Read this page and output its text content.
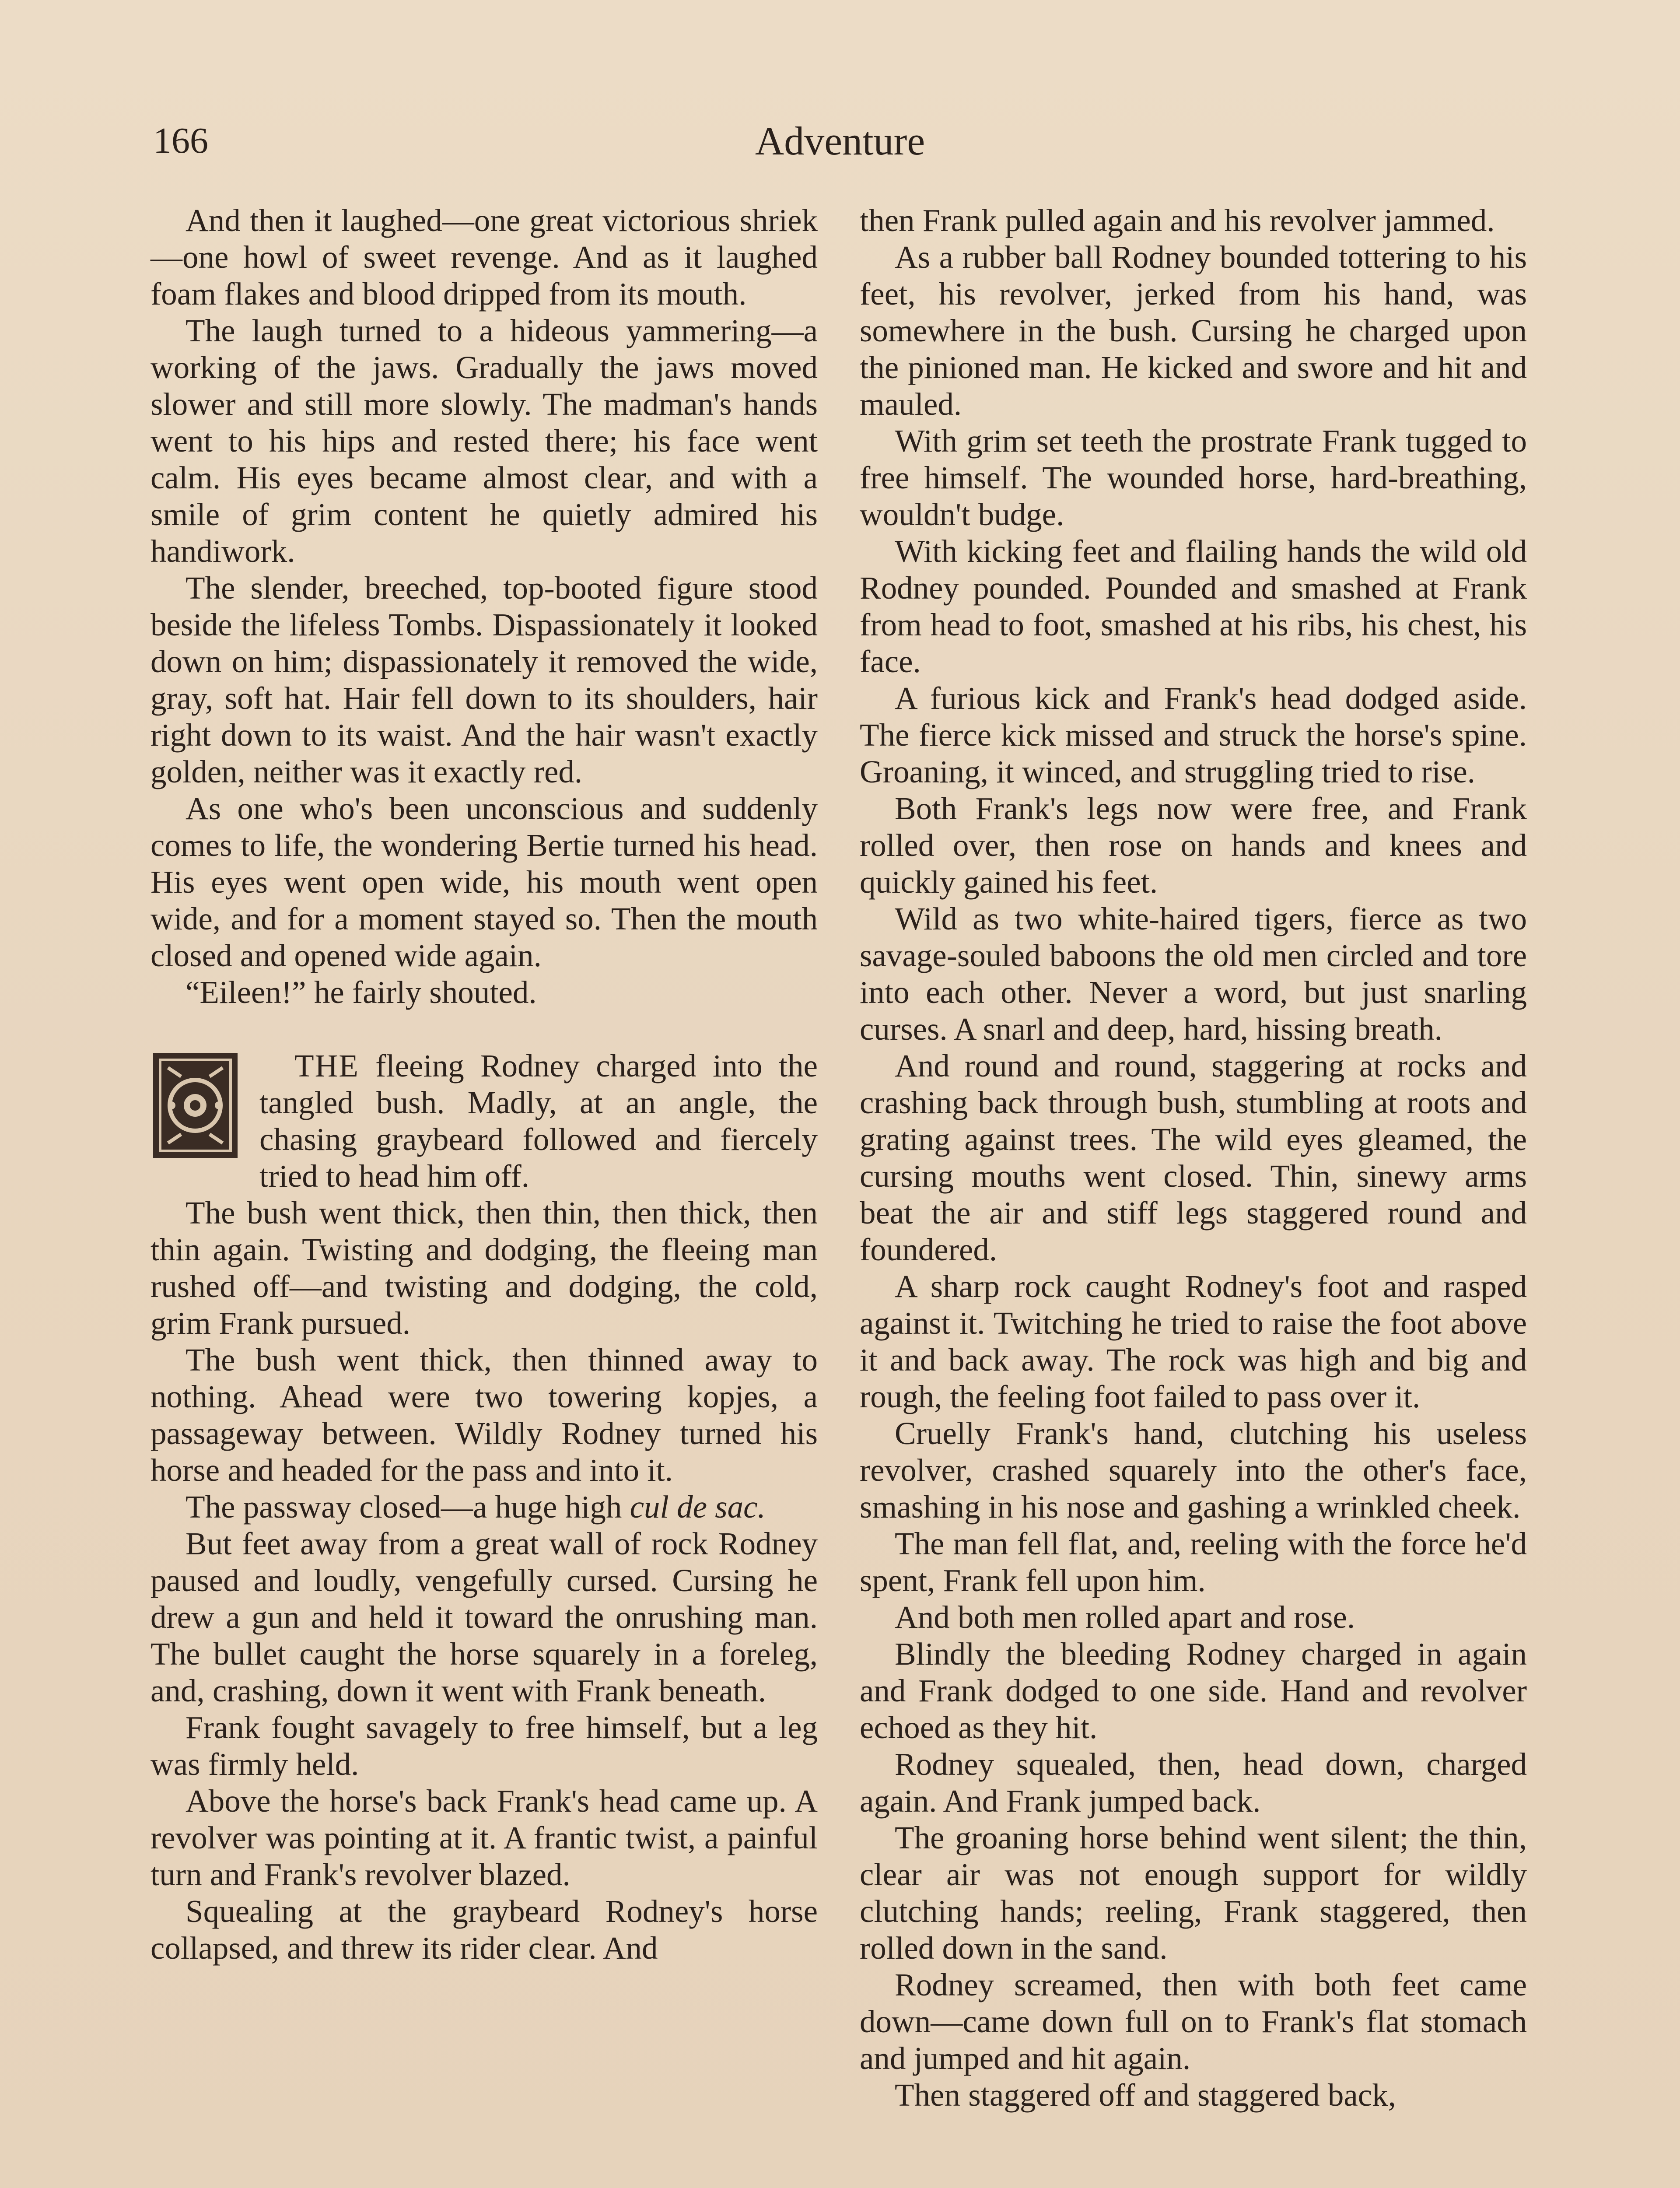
166	Adventure

And then it laughed—one great victorious shriek—one howl of sweet revenge. And as it laughed foam flakes and blood dripped from its mouth.

The laugh turned to a hideous yammering—a working of the jaws. Gradually the jaws moved slower and still more slowly. The madman's hands went to his hips and rested there; his face went calm. His eyes became almost clear, and with a smile of grim content he quietly admired his handiwork.

The slender, breeched, top-booted figure stood beside the lifeless Tombs. Dispassionately it looked down on him; dispassionately it removed the wide, gray, soft hat. Hair fell down to its shoulders, hair right down to its waist. And the hair wasn't exactly golden, neither was it exactly red.

As one who's been unconscious and suddenly comes to life, the wondering Bertie turned his head. His eyes went open wide, his mouth went open wide, and for a moment stayed so. Then the mouth closed and opened wide again.

“Eileen!” he fairly shouted.

THE fleeing Rodney charged into the tangled bush. Madly, at an angle, the chasing graybeard followed and fiercely tried to head him off.

The bush went thick, then thin, then thick, then thin again. Twisting and dodging, the fleeing man rushed off—and twisting and dodging, the cold, grim Frank pursued.

The bush went thick, then thinned away to nothing. Ahead were two towering kopjes, a passageway between. Wildly Rodney turned his horse and headed for the pass and into it.

The passway closed—a huge high cul de sac.

But feet away from a great wall of rock Rodney paused and loudly, vengefully cursed. Cursing he drew a gun and held it toward the onrushing man. The bullet caught the horse squarely in a foreleg, and, crashing, down it went with Frank beneath.

Frank fought savagely to free himself, but a leg was firmly held.

Above the horse's back Frank's head came up. A revolver was pointing at it. A frantic twist, a painful turn and Frank's revolver blazed.

Squealing at the graybeard Rodney's horse collapsed, and threw its rider clear. And

then Frank pulled again and his revolver jammed.

As a rubber ball Rodney bounded tottering to his feet, his revolver, jerked from his hand, was somewhere in the bush. Cursing he charged upon the pinioned man. He kicked and swore and hit and mauled.

With grim set teeth the prostrate Frank tugged to free himself. The wounded horse, hard-breathing, wouldn't budge.

With kicking feet and flailing hands the wild old Rodney pounded. Pounded and smashed at Frank from head to foot, smashed at his ribs, his chest, his face.

A furious kick and Frank's head dodged aside. The fierce kick missed and struck the horse's spine. Groaning, it winced, and struggling tried to rise.

Both Frank's legs now were free, and Frank rolled over, then rose on hands and knees and quickly gained his feet.

Wild as two white-haired tigers, fierce as two savage-souled baboons the old men circled and tore into each other. Never a word, but just snarling curses. A snarl and deep, hard, hissing breath.

And round and round, staggering at rocks and crashing back through bush, stumbling at roots and grating against trees. The wild eyes gleamed, the cursing mouths went closed. Thin, sinewy arms beat the air and stiff legs staggered round and foundered.

A sharp rock caught Rodney's foot and rasped against it. Twitching he tried to raise the foot above it and back away. The rock was high and big and rough, the feeling foot failed to pass over it.

Cruelly Frank's hand, clutching his useless revolver, crashed squarely into the other's face, smashing in his nose and gashing a wrinkled cheek.

The man fell flat, and, reeling with the force he'd spent, Frank fell upon him.

And both men rolled apart and rose.

Blindly the bleeding Rodney charged in again and Frank dodged to one side. Hand and revolver echoed as they hit.

Rodney squealed, then, head down, charged again. And Frank jumped back.

The groaning horse behind went silent; the thin, clear air was not enough support for wildly clutching hands; reeling, Frank staggered, then rolled down in the sand.

Rodney screamed, then with both feet came down—came down full on to Frank's flat stomach and jumped and hit again.

Then staggered off and staggered back,
